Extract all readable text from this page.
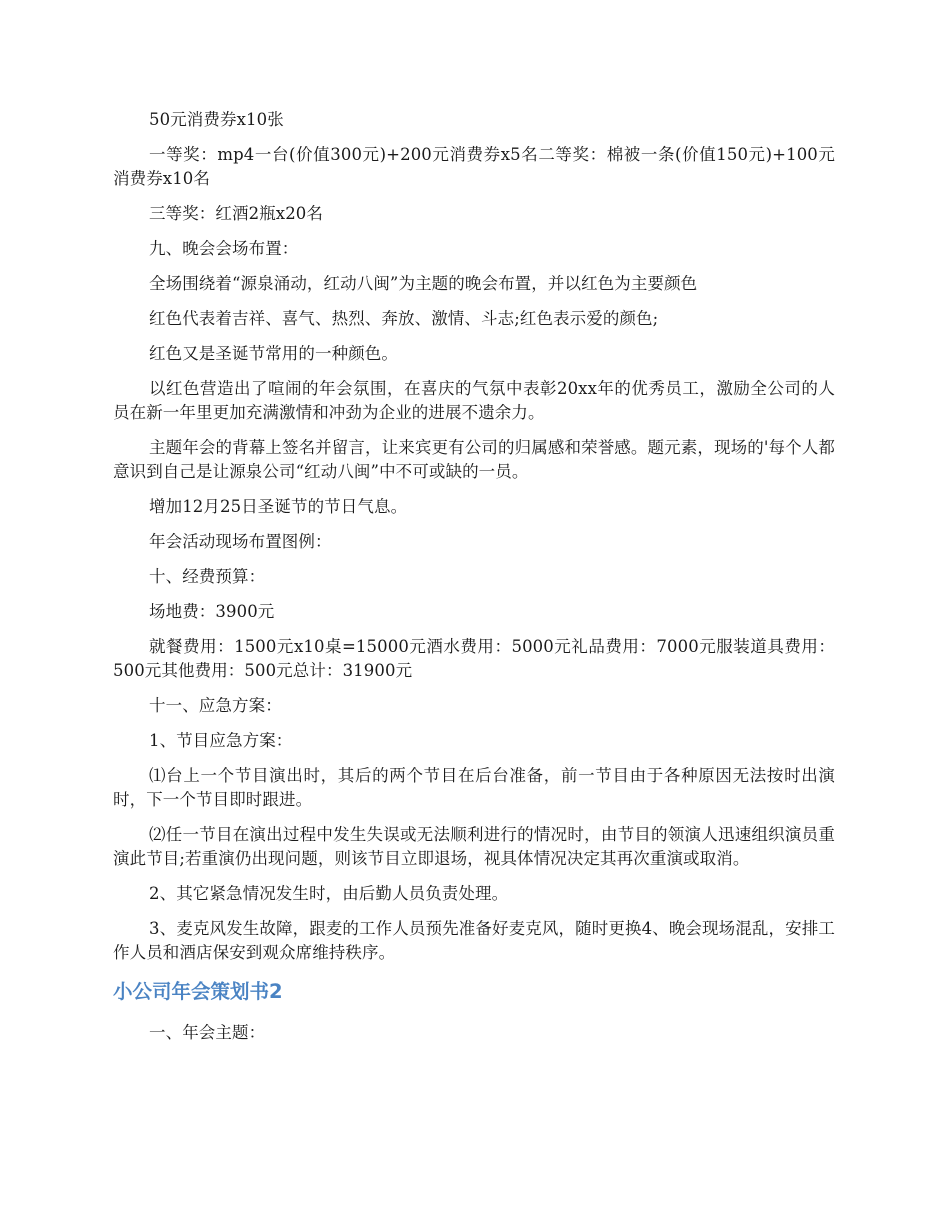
50元消费券x10张

一等奖：mp4一台(价值300元)+200元消费券x5名二等奖：棉被一条(价值150元)+100元消费券x10名

三等奖：红酒2瓶x20名

九、晚会会场布置：

全场围绕着“源泉涌动，红动八闽”为主题的晚会布置，并以红色为主要颜色

红色代表着吉祥、喜气、热烈、奔放、激情、斗志;红色表示爱的颜色;

红色又是圣诞节常用的一种颜色。

以红色营造出了喧闹的年会氛围，在喜庆的气氛中表彰20xx年的优秀员工，激励全公司的人员在新一年里更加充满激情和冲劲为企业的进展不遗余力。

主题年会的背幕上签名并留言，让来宾更有公司的归属感和荣誉感。题元素，现场的'每个人都意识到自己是让源泉公司“红动八闽”中不可或缺的一员。

增加12月25日圣诞节的节日气息。

年会活动现场布置图例：

十、经费预算：

场地费：3900元

就餐费用：1500元x10桌=15000元酒水费用：5000元礼品费用：7000元服装道具费用：500元其他费用：500元总计：31900元

十一、应急方案：

1、节目应急方案：

⑴台上一个节目演出时，其后的两个节目在后台准备，前一节目由于各种原因无法按时出演时，下一个节目即时跟进。

⑵任一节目在演出过程中发生失误或无法顺利进行的情况时，由节目的领演人迅速组织演员重演此节目;若重演仍出现问题，则该节目立即退场，视具体情况决定其再次重演或取消。

2、其它紧急情况发生时，由后勤人员负责处理。

3、麦克风发生故障，跟麦的工作人员预先准备好麦克风，随时更换4、晚会现场混乱，安排工作人员和酒店保安到观众席维持秩序。

小公司年会策划书2

一、年会主题：
